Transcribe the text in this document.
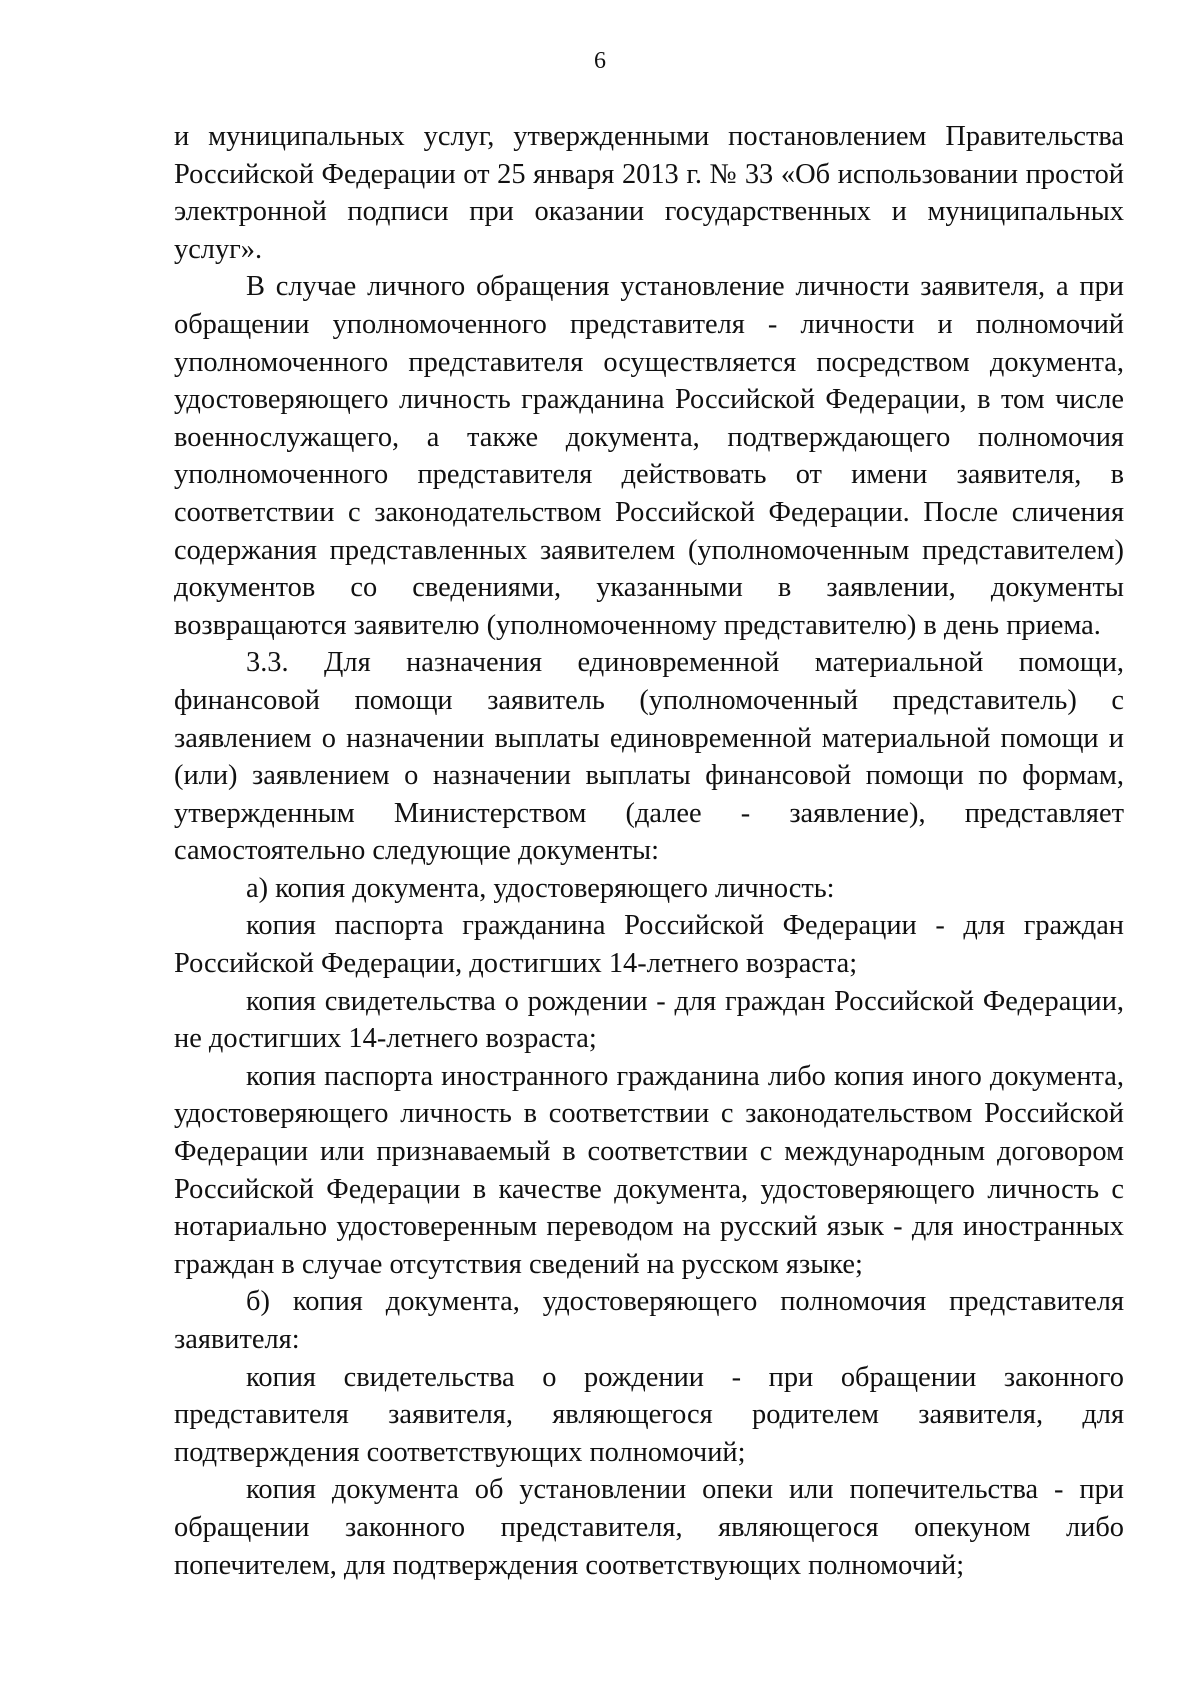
6

и муниципальных услуг, утвержденными постановлением Правительства Российской Федерации от 25 января 2013 г. № 33 «Об использовании простой электронной подписи при оказании государственных и муниципальных услуг».

В случае личного обращения установление личности заявителя, а при обращении уполномоченного представителя - личности и полномочий уполномоченного представителя осуществляется посредством документа, удостоверяющего личность гражданина Российской Федерации, в том числе военнослужащего, а также документа, подтверждающего полномочия уполномоченного представителя действовать от имени заявителя, в соответствии с законодательством Российской Федерации. После сличения содержания представленных заявителем (уполномоченным представителем) документов со сведениями, указанными в заявлении, документы возвращаются заявителю (уполномоченному представителю) в день приема.

3.3. Для назначения единовременной материальной помощи, финансовой помощи заявитель (уполномоченный представитель) с заявлением о назначении выплаты единовременной материальной помощи и (или) заявлением о назначении выплаты финансовой помощи по формам, утвержденным Министерством (далее - заявление), представляет самостоятельно следующие документы:

а) копия документа, удостоверяющего личность:

копия паспорта гражданина Российской Федерации - для граждан Российской Федерации, достигших 14-летнего возраста;

копия свидетельства о рождении - для граждан Российской Федерации, не достигших 14-летнего возраста;

копия паспорта иностранного гражданина либо копия иного документа, удостоверяющего личность в соответствии с законодательством Российской Федерации или признаваемый в соответствии с международным договором Российской Федерации в качестве документа, удостоверяющего личность с нотариально удостоверенным переводом на русский язык - для иностранных граждан в случае отсутствия сведений на русском языке;

б) копия документа, удостоверяющего полномочия представителя заявителя:

копия свидетельства о рождении - при обращении законного представителя заявителя, являющегося родителем заявителя, для подтверждения соответствующих полномочий;

копия документа об установлении опеки или попечительства - при обращении законного представителя, являющегося опекуном либо попечителем, для подтверждения соответствующих полномочий;
